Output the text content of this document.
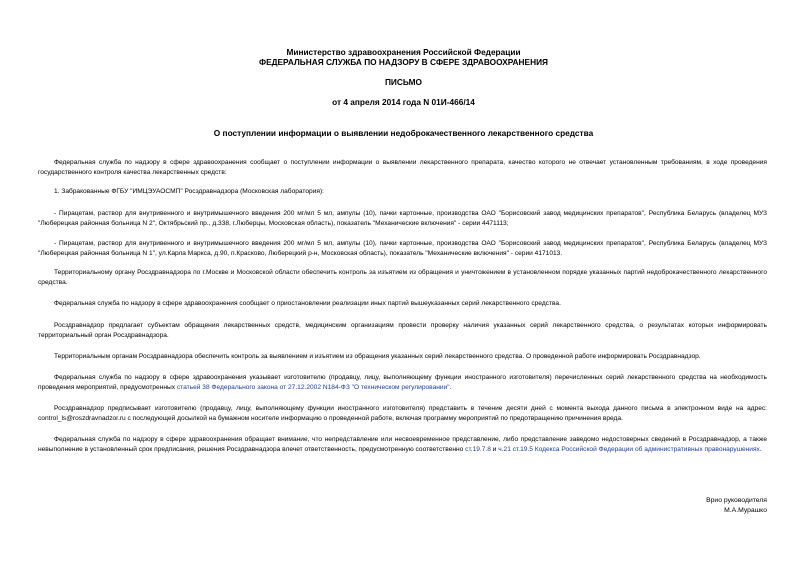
Министерство здравоохранения Российской Федерации
ФЕДЕРАЛЬНАЯ СЛУЖБА ПО НАДЗОРУ В СФЕРЕ ЗДРАВООХРАНЕНИЯ
ПИСЬМО
от 4 апреля 2014 года N 01И-466/14
О поступлении информации о выявлении недоброкачественного лекарственного средства
Федеральная служба по надзору в сфере здравоохранения сообщает о поступлении информации о выявлении лекарственного препарата, качество которого не отвечает установленным требованиям, в ходе проведения государственного контроля качества лекарственных средств:
1. Забракованные ФГБУ "ИМЦЭУАОСМП" Росздравнадзора (Московская лаборатория):
- Пирацетам, раствор для внутривенного и внутримышечного введения 200 мг/мл 5 мл, ампулы (10), пачки картонные, производства ОАО "Борисовский завод медицинских препаратов", Республика Беларусь (владелец МУЗ "Люберецкая районная больница N 2", Октябрьский пр., д.338, г.Люберцы, Московская область), показатель "Механические включения" - серии 4471113;
- Пирацетам, раствор для внутривенного и внутримышечного введения 200 мг/мл 5 мл, ампулы (10), пачки картонные, производства ОАО "Борисовский завод медицинских препаратов", Республика Беларусь (владелец МУЗ "Люберецкая районная больница N 1", ул.Карла Маркса, д.90, п.Красково, Люберецкий р-н, Московская область), показатель "Механические включения" - серии 4171013.
Территориальному органу Росздравнадзора по г.Москве и Московской области обеспечить контроль за изъятием из обращения и уничтожением в установленном порядке указанных партий недоброкачественного лекарственного средства.
Федеральная служба по надзору в сфере здравоохранения сообщает о приостановлении реализации иных партий вышеуказанных серий лекарственного средства.
Росздравнадзор предлагает субъектам обращения лекарственных средств, медицинским организациям провести проверку наличия указанных серий лекарственного средства, о результатах которых информировать территориальный орган Росздравнадзора.
Территориальным органам Росздравнадзора обеспечить контроль за выявлением и изъятием из обращения указанных серий лекарственного средства. О проведенной работе информировать Росздравнадзор.
Федеральная служба по надзору в сфере здравоохранения указывает изготовителю (продавцу, лицу, выполняющему функции иностранного изготовителя) перечисленных серий лекарственного средства на необходимость проведения мероприятий, предусмотренных статьей 38 Федерального закона от 27.12.2002 N184-ФЗ "О техническом регулировании".
Росздравнадзор предписывает изготовителю (продавцу, лицу, выполняющему функции иностранного изготовителя) представить в течение десяти дней с момента выхода данного письма в электронном виде на адрес: control_ls@roszdravnadzor.ru с последующей досылкой на бумажном носителе информацию о проведенной работе, включая программу мероприятий по предотвращению причинения вреда.
Федеральная служба по надзору в сфере здравоохранения обращает внимание, что непредставление или несвоевременное представление, либо представление заведомо недостоверных сведений в Росздравнадзор, а также невыполнение в установленный срок предписания, решения Росздравнадзора влечет ответственность, предусмотренную соответственно ст.19.7.8 и ч.21 ст.19.5 Кодекса Российской Федерации об административных правонарушениях.
Врио руководителя
М.А.Мурашко
